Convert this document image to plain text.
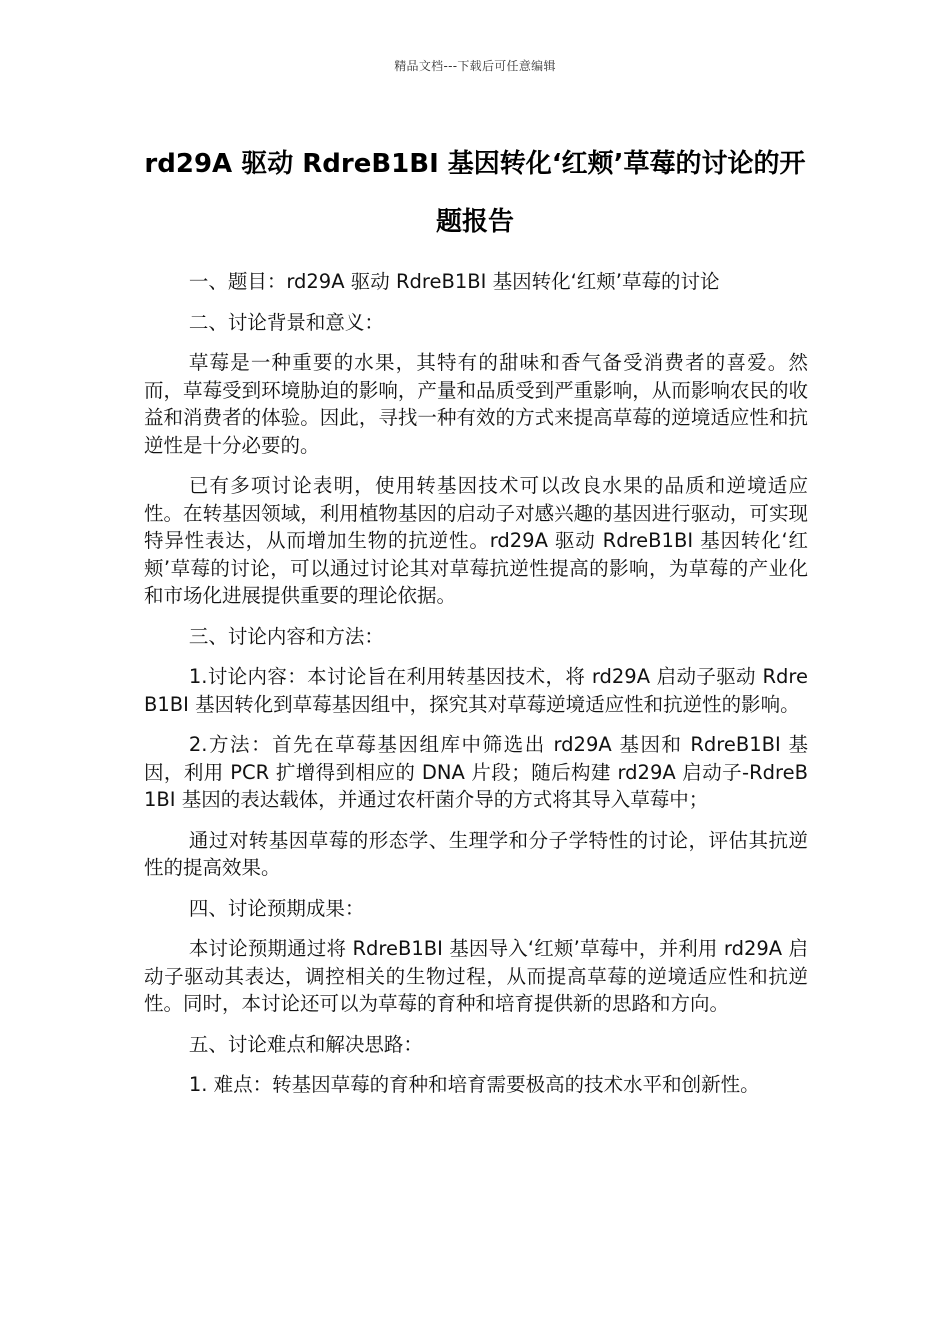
精品文档---下载后可任意编辑
rd29A 驱动 RdreB1BI 基因转化‘红颊’草莓的讨论的开题报告

一、题目：rd29A 驱动 RdreB1BI 基因转化‘红颊’草莓的讨论

二、讨论背景和意义：

草莓是一种重要的水果，其特有的甜味和香气备受消费者的喜爱。然而，草莓受到环境胁迫的影响，产量和品质受到严重影响，从而影响农民的收益和消费者的体验。因此，寻找一种有效的方式来提高草莓的逆境适应性和抗逆性是十分必要的。

已有多项讨论表明，使用转基因技术可以改良水果的品质和逆境适应性。在转基因领域，利用植物基因的启动子对感兴趣的基因进行驱动，可实现特异性表达，从而增加生物的抗逆性。rd29A 驱动 RdreB1BI 基因转化‘红颊’草莓的讨论，可以通过讨论其对草莓抗逆性提高的影响，为草莓的产业化和市场化进展提供重要的理论依据。

三、讨论内容和方法：

1.讨论内容：本讨论旨在利用转基因技术，将 rd29A 启动子驱动 RdreB1BI 基因转化到草莓基因组中，探究其对草莓逆境适应性和抗逆性的影响。

2.方法：首先在草莓基因组库中筛选出 rd29A 基因和 RdreB1BI 基因，利用 PCR 扩增得到相应的 DNA 片段；随后构建 rd29A 启动子-RdreB1BI 基因的表达载体，并通过农杆菌介导的方式将其导入草莓中；

通过对转基因草莓的形态学、生理学和分子学特性的讨论，评估其抗逆性的提高效果。

四、讨论预期成果：

本讨论预期通过将 RdreB1BI 基因导入‘红颊’草莓中，并利用 rd29A 启动子驱动其表达，调控相关的生物过程，从而提高草莓的逆境适应性和抗逆性。同时，本讨论还可以为草莓的育种和培育提供新的思路和方向。

五、讨论难点和解决思路：

1. 难点：转基因草莓的育种和培育需要极高的技术水平和创新性。
